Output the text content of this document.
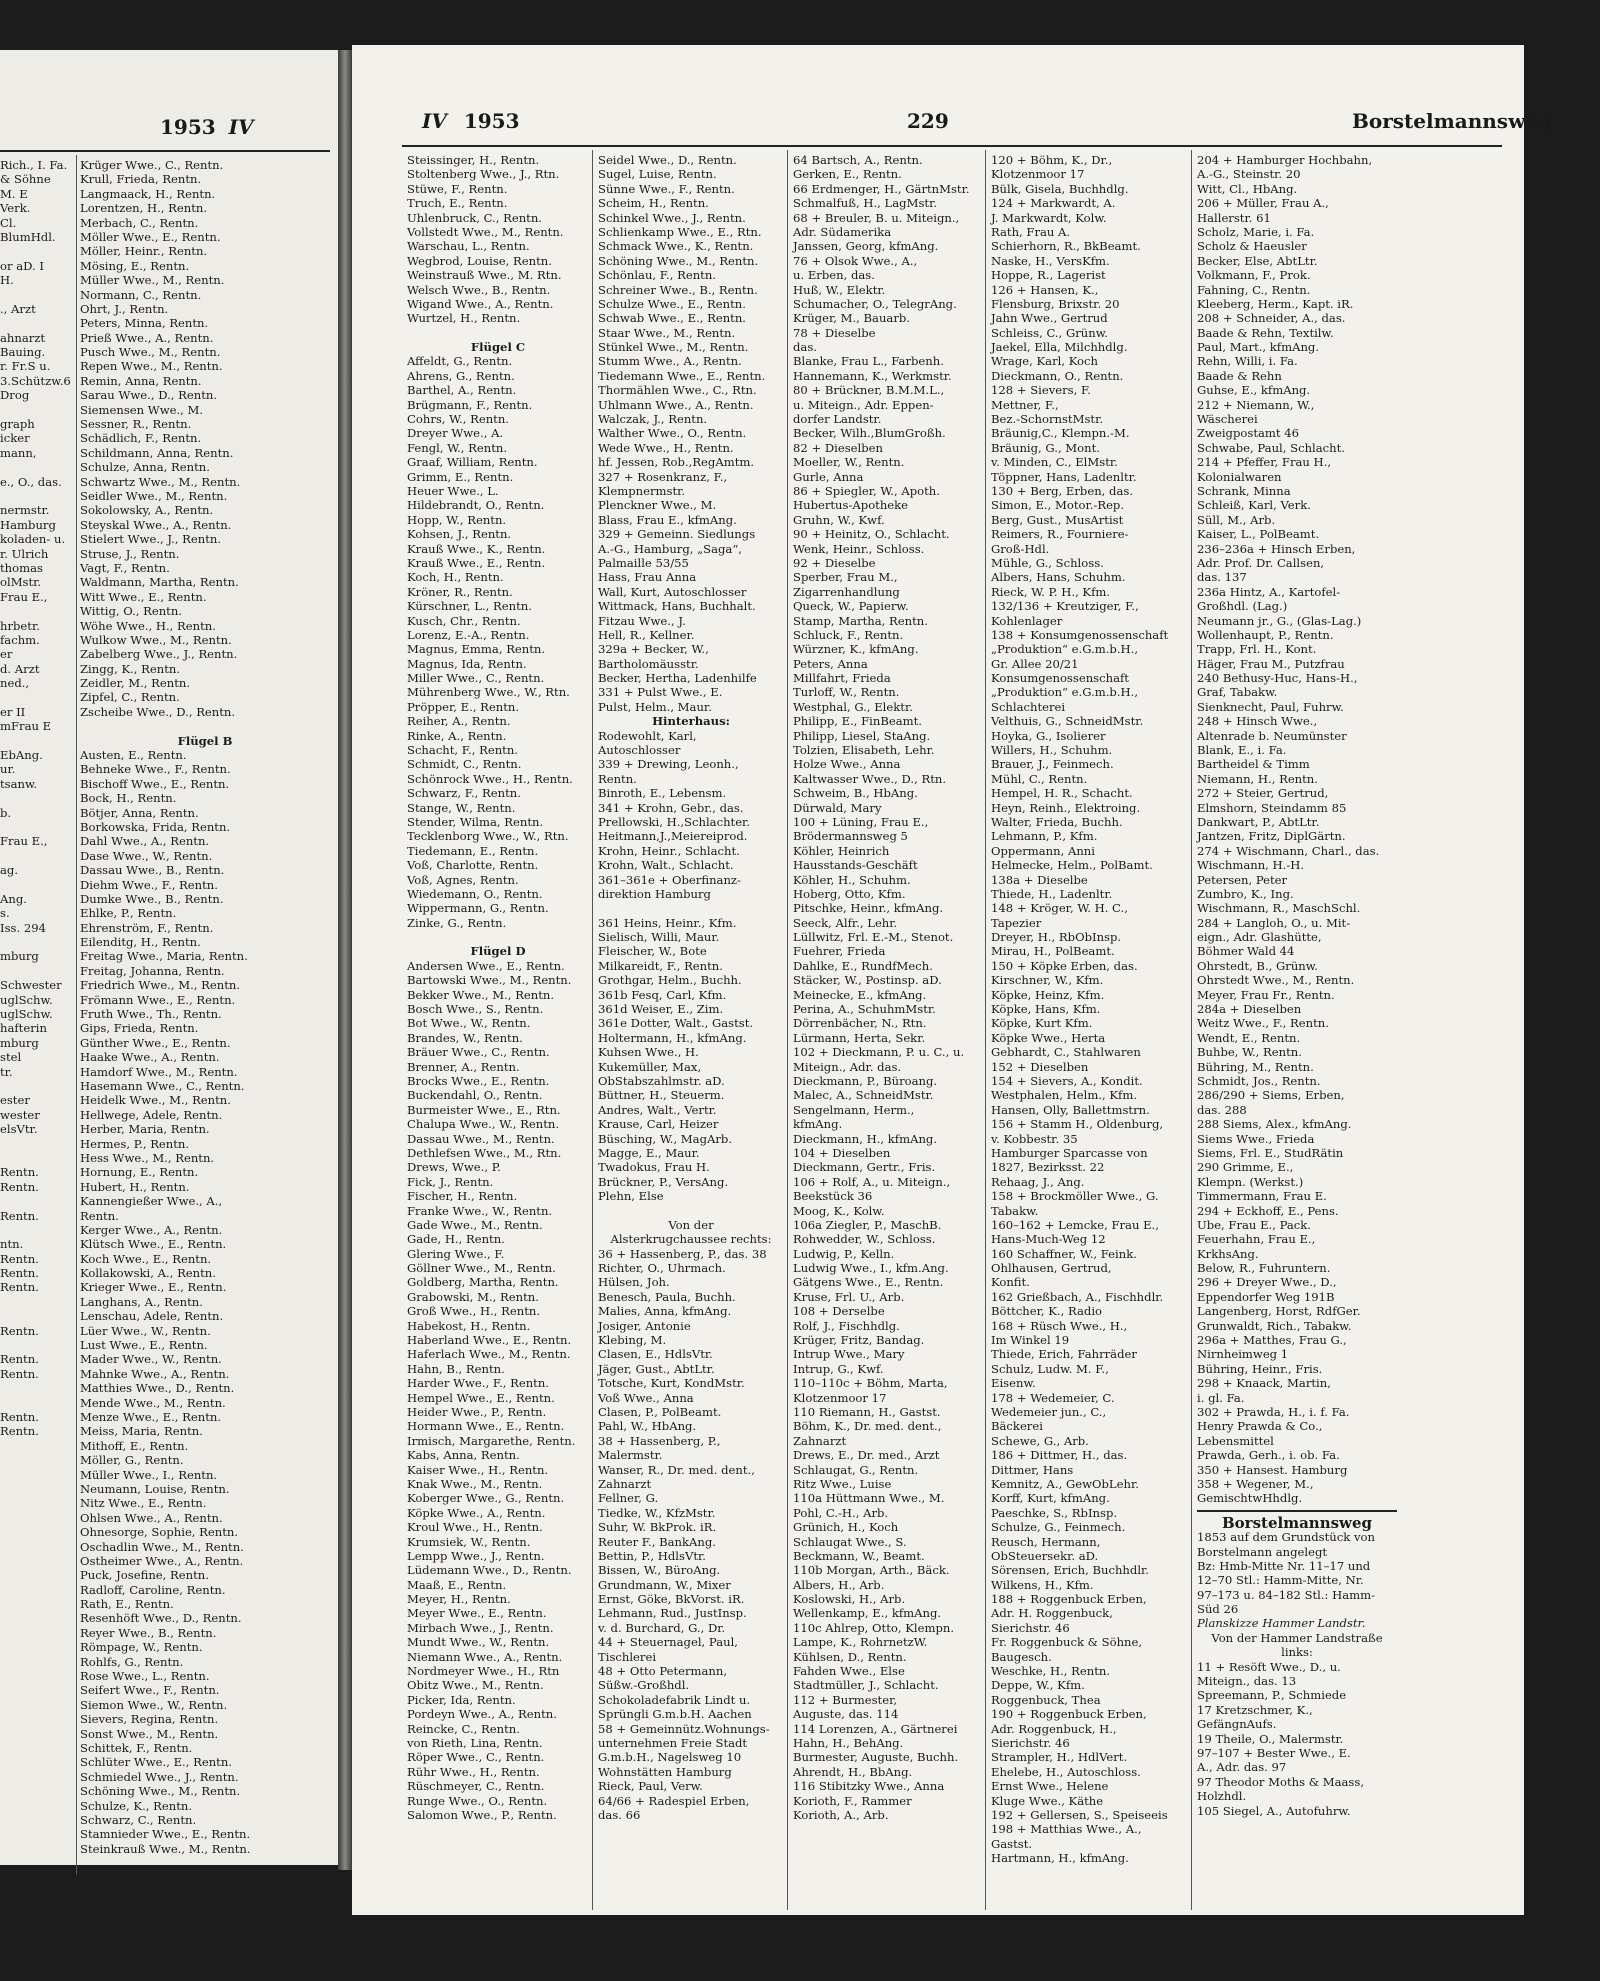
1953 IV
Rich., I. Fa.
& Söhne
M. E
Verk.
Cl.
BlumHdl.
or aD. I
H.
., Arzt
ahnarzt
Bauing.
r. Fr.S u.
3.Schützw.6
Drog
graph
icker
mann,
e., O., das.
nermstr.
Hamburg
koladen- u.
r. Ulrich
thomas
olMstr.
Frau E.,
hrbetr.
fachm.
er
d. Arzt
ned.,
er II
mFrau E
EbAng.
ur.
tsanw.
b.
Frau E.,
ag.
Ang.
s.
Iss. 294
mburg
Schwester
uglSchw.
uglSchw.
hafterin
mburg
stel
tr.
ester
wester
elsVtr.
Rentn.
Rentn.
Rentn.
ntn.
Rentn.
Rentn.
Rentn.
Rentn.
Rentn.
Rentn.
Rentn.
Rentn.
Krüger Wwe., C., Rentn.
Krull, Frieda, Rentn.
Langmaack, H., Rentn.
Lorentzen, H., Rentn.
Merbach, C., Rentn.
Möller Wwe., E., Rentn.
Möller, Heinr., Rentn.
Mösing, E., Rentn.
Müller Wwe., M., Rentn.
Normann, C., Rentn.
Ohrt, J., Rentn.
Peters, Minna, Rentn.
Prieß Wwe., A., Rentn.
Pusch Wwe., M., Rentn.
Repen Wwe., M., Rentn.
Remin, Anna, Rentn.
Sarau Wwe., D., Rentn.
Siemensen Wwe., M.
Sessner, R., Rentn.
Schädlich, F., Rentn.
Schildmann, Anna, Rentn.
Schulze, Anna, Rentn.
Schwartz Wwe., M., Rentn.
Seidler Wwe., M., Rentn.
Sokolowsky, A., Rentn.
Steyskal Wwe., A., Rentn.
Stielert Wwe., J., Rentn.
Struse, J., Rentn.
Vagt, F., Rentn.
Waldmann, Martha, Rentn.
Witt Wwe., E., Rentn.
Wittig, O., Rentn.
Wöhe Wwe., H., Rentn.
Wulkow Wwe., M., Rentn.
Zabelberg Wwe., J., Rentn.
Zingg, K., Rentn.
Zeidler, M., Rentn.
Zipfel, C., Rentn.
Zscheibe Wwe., D., Rentn.
Flügel B
Austen, E., Rentn.
Behneke Wwe., F., Rentn.
Bischoff Wwe., E., Rentn.
Bock, H., Rentn.
Bötjer, Anna, Rentn.
Borkowska, Frida, Rentn.
Dahl Wwe., A., Rentn.
Dase Wwe., W., Rentn.
Dassau Wwe., B., Rentn.
Diehm Wwe., F., Rentn.
Dumke Wwe., B., Rentn.
Ehlke, P., Rentn.
Ehrenström, F., Rentn.
Eilenditg, H., Rentn.
Freitag Wwe., Maria, Rentn.
Freitag, Johanna, Rentn.
Friedrich Wwe., M., Rentn.
Frömann Wwe., E., Rentn.
Fruth Wwe., Th., Rentn.
Gips, Frieda, Rentn.
Günther Wwe., E., Rentn.
Haake Wwe., A., Rentn.
Hamdorf Wwe., M., Rentn.
Hasemann Wwe., C., Rentn.
Heidelk Wwe., M., Rentn.
Hellwege, Adele, Rentn.
Herber, Maria, Rentn.
Hermes, P., Rentn.
Hess Wwe., M., Rentn.
Hornung, E., Rentn.
Hubert, H., Rentn.
Kannengießer Wwe., A.,
Rentn.
Kerger Wwe., A., Rentn.
Klütsch Wwe., E., Rentn.
Koch Wwe., E., Rentn.
Kollakowski, A., Rentn.
Krieger Wwe., E., Rentn.
Langhans, A., Rentn.
Lenschau, Adele, Rentn.
Lüer Wwe., W., Rentn.
Lust Wwe., E., Rentn.
Mader Wwe., W., Rentn.
Mahnke Wwe., A., Rentn.
Matthies Wwe., D., Rentn.
Mende Wwe., M., Rentn.
Menze Wwe., E., Rentn.
Meiss, Maria, Rentn.
Mithoff, E., Rentn.
Möller, G., Rentn.
Müller Wwe., I., Rentn.
Neumann, Louise, Rentn.
Nitz Wwe., E., Rentn.
Ohlsen Wwe., A., Rentn.
Ohnesorge, Sophie, Rentn.
Oschadlin Wwe., M., Rentn.
Ostheimer Wwe., A., Rentn.
Puck, Josefine, Rentn.
Radloff, Caroline, Rentn.
Rath, E., Rentn.
Resenhöft Wwe., D., Rentn.
Reyer Wwe., B., Rentn.
Römpage, W., Rentn.
Rohlfs, G., Rentn.
Rose Wwe., L., Rentn.
Seifert Wwe., F., Rentn.
Siemon Wwe., W., Rentn.
Sievers, Regina, Rentn.
Sonst Wwe., M., Rentn.
Schittek, F., Rentn.
Schlüter Wwe., E., Rentn.
Schmiedel Wwe., J., Rentn.
Schöning Wwe., M., Rentn.
Schulze, K., Rentn.
Schwarz, C., Rentn.
Stamnieder Wwe., E., Rentn.
Steinkrauß Wwe., M., Rentn.
IV 1953	229	Borstelmannsweg
Steissinger, H., Rentn.
Stoltenberg Wwe., J., Rtn.
Stüwe, F., Rentn.
Truch, E., Rentn.
Uhlenbruck, C., Rentn.
Vollstedt Wwe., M., Rentn.
Warschau, L., Rentn.
Wegbrod, Louise, Rentn.
Weinstrauß Wwe., M. Rtn.
Welsch Wwe., B., Rentn.
Wigand Wwe., A., Rentn.
Wurtzel, H., Rentn.
Flügel C
Affeldt, G., Rentn.
Ahrens, G., Rentn.
Barthel, A., Rentn.
Brügmann, F., Rentn.
Cohrs, W., Rentn.
Dreyer Wwe., A.
Fengl, W., Rentn.
Graaf, William, Rentn.
Grimm, E., Rentn.
Heuer Wwe., L.
Hildebrandt, O., Rentn.
Hopp, W., Rentn.
Kohsen, J., Rentn.
Krauß Wwe., K., Rentn.
Krauß Wwe., E., Rentn.
Koch, H., Rentn.
Kröner, R., Rentn.
Kürschner, L., Rentn.
Kusch, Chr., Rentn.
Lorenz, E.-A., Rentn.
Magnus, Emma, Rentn.
Magnus, Ida, Rentn.
Miller Wwe., C., Rentn.
Mührenberg Wwe., W., Rtn.
Pröpper, E., Rentn.
Reiher, A., Rentn.
Rinke, A., Rentn.
Schacht, F., Rentn.
Schmidt, C., Rentn.
Schönrock Wwe., H., Rentn.
Schwarz, F., Rentn.
Stange, W., Rentn.
Stender, Wilma, Rentn.
Tecklenborg Wwe., W., Rtn.
Tiedemann, E., Rentn.
Voß, Charlotte, Rentn.
Voß, Agnes, Rentn.
Wiedemann, O., Rentn.
Wippermann, G., Rentn.
Zinke, G., Rentn.
Flügel D
Andersen Wwe., E., Rentn.
Bartowski Wwe., M., Rentn.
Bekker Wwe., M., Rentn.
Bosch Wwe., S., Rentn.
Bot Wwe., W., Rentn.
Brandes, W., Rentn.
Bräuer Wwe., C., Rentn.
Brenner, A., Rentn.
Brocks Wwe., E., Rentn.
Buckendahl, O., Rentn.
Burmeister Wwe., E., Rtn.
Chalupa Wwe., W., Rentn.
Dassau Wwe., M., Rentn.
Dethlefsen Wwe., M., Rtn.
Drews, Wwe., P.
Fick, J., Rentn.
Fischer, H., Rentn.
Franke Wwe., W., Rentn.
Gade Wwe., M., Rentn.
Gade, H., Rentn.
Glering Wwe., F.
Göllner Wwe., M., Rentn.
Goldberg, Martha, Rentn.
Grabowski, M., Rentn.
Groß Wwe., H., Rentn.
Habekost, H., Rentn.
Haberland Wwe., E., Rentn.
Haferlach Wwe., M., Rentn.
Hahn, B., Rentn.
Harder Wwe., F., Rentn.
Hempel Wwe., E., Rentn.
Heider Wwe., P., Rentn.
Hormann Wwe., E., Rentn.
Irmisch, Margarethe, Rentn.
Kabs, Anna, Rentn.
Kaiser Wwe., H., Rentn.
Knak Wwe., M., Rentn.
Koberger Wwe., G., Rentn.
Köpke Wwe., A., Rentn.
Kroul Wwe., H., Rentn.
Krumsiek, W., Rentn.
Lempp Wwe., J., Rentn.
Lüdemann Wwe., D., Rentn.
Maaß, E., Rentn.
Meyer, H., Rentn.
Meyer Wwe., E., Rentn.
Mirbach Wwe., J., Rentn.
Mundt Wwe., W., Rentn.
Niemann Wwe., A., Rentn.
Nordmeyer Wwe., H., Rtn
Obitz Wwe., M., Rentn.
Picker, Ida, Rentn.
Pordeyn Wwe., A., Rentn.
Reincke, C., Rentn.
von Rieth, Lina, Rentn.
Röper Wwe., C., Rentn.
Rühr Wwe., H., Rentn.
Rüschmeyer, C., Rentn.
Runge Wwe., O., Rentn.
Salomon Wwe., P., Rentn.
Seidel Wwe., D., Rentn.
Sugel, Luise, Rentn.
Sünne Wwe., F., Rentn.
Scheim, H., Rentn.
Schinkel Wwe., J., Rentn.
Schlienkamp Wwe., E., Rtn.
Schmack Wwe., K., Rentn.
Schöning Wwe., M., Rentn.
Schönlau, F., Rentn.
Schreiner Wwe., B., Rentn.
Schulze Wwe., E., Rentn.
Schwab Wwe., E., Rentn.
Staar Wwe., M., Rentn.
Stünkel Wwe., M., Rentn.
Stumm Wwe., A., Rentn.
Tiedemann Wwe., E., Rentn.
Thormählen Wwe., C., Rtn.
Uhlmann Wwe., A., Rentn.
Walczak, J., Rentn.
Walther Wwe., O., Rentn.
Wede Wwe., H., Rentn.
hf. Jessen, Rob.,RegAmtm.
327 + Rosenkranz, F.,
Klempnermstr.
Plenckner Wwe., M.
Blass, Frau E., kfmAng.
329 + Gemeinn. Siedlungs
A.-G., Hamburg, „Saga“,
Palmaille 53/55
Hass, Frau Anna
Wall, Kurt, Autoschlosser
Wittmack, Hans, Buchhalt.
Fitzau Wwe., J.
Hell, R., Kellner.
329a + Becker, W.,
Bartholomäusstr.
Becker, Hertha, Ladenhilfe
331 + Pulst Wwe., E.
Pulst, Helm., Maur.
Hinterhaus:
Rodewohlt, Karl,
Autoschlosser
339 + Drewing, Leonh.,
Rentn.
Binroth, E., Lebensm.
341 + Krohn, Gebr., das.
Prellowski, H.,Schlachter.
Heitmann,J.,Meiereiprod.
Krohn, Heinr., Schlacht.
Krohn, Walt., Schlacht.
361–361e + Oberfinanz-
direktion Hamburg
361 Heins, Heinr., Kfm.
Sielisch, Willi, Maur.
Fleischer, W., Bote
Milkareidt, F., Rentn.
Grothgar, Helm., Buchh.
361b Fesq, Carl, Kfm.
361d Weiser, E., Zim.
361e Dotter, Walt., Gastst.
Holtermann, H., kfmAng.
Kuhsen Wwe., H.
Kukemüller, Max,
ObStabszahlmstr. aD.
Büttner, H., Steuerm.
Andres, Walt., Vertr.
Krause, Carl, Heizer
Büsching, W., MagArb.
Magge, E., Maur.
Twadokus, Frau H.
Brückner, P., VersAng.
Plehn, Else
Von der
Alsterkrugchaussee rechts:
36 + Hassenberg, P., das. 38
Richter, O., Uhrmach.
Hülsen, Joh.
Benesch, Paula, Buchh.
Malies, Anna, kfmAng.
Josiger, Antonie
Klebing, M.
Clasen, E., HdlsVtr.
Jäger, Gust., AbtLtr.
Totsche, Kurt, KondMstr.
Voß Wwe., Anna
Clasen, P., PolBeamt.
Pahl, W., HbAng.
38 + Hassenberg, P.,
Malermstr.
Wanser, R., Dr. med. dent.,
Zahnarzt
Fellner, G.
Tiedke, W., KfzMstr.
Suhr, W. BkProk. iR.
Reuter F., BankAng.
Bettin, P., HdlsVtr.
Bissen, W., BüroAng.
Grundmann, W., Mixer
Ernst, Göke, BkVorst. iR.
Lehmann, Rud., JustInsp.
v. d. Burchard, G., Dr.
44 + Steuernagel, Paul,
Tischlerei
48 + Otto Petermann,
Süßw.-Großhdl.
Schokoladefabrik Lindt u.
Sprüngli G.m.b.H. Aachen
58 + Gemeinnütz.Wohnungs-
unternehmen Freie Stadt
G.m.b.H., Nagelsweg 10
Wohnstätten Hamburg
Rieck, Paul, Verw.
64/66 + Radespiel Erben,
das. 66
64 Bartsch, A., Rentn.
Gerken, E., Rentn.
66 Erdmenger, H., GärtnMstr.
Schmalfuß, H., LagMstr.
68 + Breuler, B. u. Miteign.,
Adr. Südamerika
Janssen, Georg, kfmAng.
76 + Olsok Wwe., A.,
u. Erben, das.
Huß, W., Elektr.
Schumacher, O., TelegrAng.
Krüger, M., Bauarb.
78 + Dieselbe
das.
Blanke, Frau L., Farbenh.
Hannemann, K., Werkmstr.
80 + Brückner, B.M.M.L.,
u. Miteign., Adr. Eppen-
dorfer Landstr.
Becker, Wilh.,BlumGroßh.
82 + Dieselben
Moeller, W., Rentn.
Gurle, Anna
86 + Spiegler, W., Apoth.
Hubertus-Apotheke
Gruhn, W., Kwf.
90 + Heinitz, O., Schlacht.
Wenk, Heinr., Schloss.
92 + Dieselbe
Sperber, Frau M.,
Zigarrenhandlung
Queck, W., Papierw.
Stamp, Martha, Rentn.
Schluck, F., Rentn.
Würzner, K., kfmAng.
Peters, Anna
Millfahrt, Frieda
Turloff, W., Rentn.
Westphal, G., Elektr.
Philipp, E., FinBeamt.
Philipp, Liesel, StaAng.
Tolzien, Elisabeth, Lehr.
Holze Wwe., Anna
Kaltwasser Wwe., D., Rtn.
Schweim, B., HbAng.
Dürwald, Mary
100 + Lüning, Frau E.,
Brödermannsweg 5
Köhler, Heinrich
Hausstands-Geschäft
Köhler, H., Schuhm.
Hoberg, Otto, Kfm.
Pitschke, Heinr., kfmAng.
Seeck, Alfr., Lehr.
Lüllwitz, Frl. E.-M., Stenot.
Fuehrer, Frieda
Dahlke, E., RundfMech.
Stäcker, W., Postinsp. aD.
Meinecke, E., kfmAng.
Perina, A., SchuhmMstr.
Dörrenbächer, N., Rtn.
Lürmann, Herta, Sekr.
102 + Dieckmann, P. u. C., u.
Miteign., Adr. das.
Dieckmann, P., Büroang.
Malec, A., SchneidMstr.
Sengelmann, Herm.,
kfmAng.
Dieckmann, H., kfmAng.
104 + Dieselben
Dieckmann, Gertr., Fris.
106 + Rolf, A., u. Miteign.,
Beekstück 36
Moog, K., Kolw.
106a Ziegler, P., MaschB.
Rohwedder, W., Schloss.
Ludwig, P., Kelln.
Ludwig Wwe., I., kfm.Ang.
Gätgens Wwe., E., Rentn.
Kruse, Frl. U., Arb.
108 + Derselbe
Rolf, J., Fischhdlg.
Krüger, Fritz, Bandag.
Intrup Wwe., Mary
Intrup, G., Kwf.
110–110c + Böhm, Marta,
Klotzenmoor 17
110 Riemann, H., Gastst.
Böhm, K., Dr. med. dent.,
Zahnarzt
Drews, E., Dr. med., Arzt
Schlaugat, G., Rentn.
Ritz Wwe., Luise
110a Hüttmann Wwe., M.
Pohl, C.-H., Arb.
Grünich, H., Koch
Schlaugat Wwe., S.
Beckmann, W., Beamt.
110b Morgan, Arth., Bäck.
Albers, H., Arb.
Koslowski, H., Arb.
Wellenkamp, E., kfmAng.
110c Ahlrep, Otto, Klempn.
Lampe, K., RohrnetzW.
Kühlsen, D., Rentn.
Fahden Wwe., Else
Stadtmüller, J., Schlacht.
112 + Burmester,
Auguste, das. 114
114 Lorenzen, A., Gärtnerei
Hahn, H., BehAng.
Burmester, Auguste, Buchh.
Ahrendt, H., BbAng.
116 Stibitzky Wwe., Anna
Korioth, F., Rammer
Korioth, A., Arb.
120 + Böhm, K., Dr.,
Klotzenmoor 17
Bülk, Gisela, Buchhdlg.
124 + Markwardt, A.
J. Markwardt, Kolw.
Rath, Frau A.
Schierhorn, R., BkBeamt.
Naske, H., VersKfm.
Hoppe, R., Lagerist
126 + Hansen, K.,
Flensburg, Brixstr. 20
Jahn Wwe., Gertrud
Schleiss, C., Grünw.
Jaekel, Ella, Milchhdlg.
Wrage, Karl, Koch
Dieckmann, O., Rentn.
128 + Sievers, F.
Mettner, F.,
Bez.-SchornstMstr.
Bräunig,C., Klempn.-M.
Bräunig, G., Mont.
v. Minden, C., ElMstr.
Töppner, Hans, Ladenltr.
130 + Berg, Erben, das.
Simon, E., Motor.-Rep.
Berg, Gust., MusArtist
Reimers, R., Fourniere-
Groß-Hdl.
Mühle, G., Schloss.
Albers, Hans, Schuhm.
Rieck, W. P. H., Kfm.
132/136 + Kreutziger, F.,
Kohlenlager
138 + Konsumgenossenschaft
„Produktion“ e.G.m.b.H.,
Gr. Allee 20/21
Konsumgenossenschaft
„Produktion“ e.G.m.b.H.,
Schlachterei
Velthuis, G., SchneidMstr.
Hoyka, G., Isolierer
Willers, H., Schuhm.
Brauer, J., Feinmech.
Mühl, C., Rentn.
Hempel, H. R., Schacht.
Heyn, Reinh., Elektroing.
Walter, Frieda, Buchh.
Lehmann, P., Kfm.
Oppermann, Anni
Helmecke, Helm., PolBamt.
138a + Dieselbe
Thiede, H., Ladenltr.
148 + Kröger, W. H. C.,
Tapezier
Dreyer, H., RbObInsp.
Mirau, H., PolBeamt.
150 + Köpke Erben, das.
Kirschner, W., Kfm.
Köpke, Heinz, Kfm.
Köpke, Hans, Kfm.
Köpke, Kurt Kfm.
Köpke Wwe., Herta
Gebhardt, C., Stahlwaren
152 + Dieselben
154 + Sievers, A., Kondit.
Westphalen, Helm., Kfm.
Hansen, Olly, Ballettmstrn.
156 + Stamm H., Oldenburg,
v. Kobbestr. 35
Hamburger Sparcasse von
1827, Bezirksst. 22
Rehaag, J., Ang.
158 + Brockmöller Wwe., G.
Tabakw.
160–162 + Lemcke, Frau E.,
Hans-Much-Weg 12
160 Schaffner, W., Feink.
Ohlhausen, Gertrud,
Konfit.
162 Grießbach, A., Fischhdlr.
Böttcher, K., Radio
168 + Rüsch Wwe., H.,
Im Winkel 19
Thiede, Erich, Fahrräder
Schulz, Ludw. M. F.,
Eisenw.
178 + Wedemeier, C.
Wedemeier jun., C.,
Bäckerei
Schewe, G., Arb.
186 + Dittmer, H., das.
Dittmer, Hans
Kemnitz, A., GewObLehr.
Korff, Kurt, kfmAng.
Paeschke, S., RbInsp.
Schulze, G., Feinmech.
Reusch, Hermann,
ObSteuersekr. aD.
Sörensen, Erich, Buchhdlr.
Wilkens, H., Kfm.
188 + Roggenbuck Erben,
Adr. H. Roggenbuck,
Sierichstr. 46
Fr. Roggenbuck & Söhne,
Baugesch.
Weschke, H., Rentn.
Deppe, W., Kfm.
Roggenbuck, Thea
190 + Roggenbuck Erben,
Adr. Roggenbuck, H.,
Sierichstr. 46
Strampler, H., HdlVert.
Ehelebe, H., Autoschloss.
Ernst Wwe., Helene
Kluge Wwe., Käthe
192 + Gellersen, S., Speiseeis
198 + Matthias Wwe., A.,
Gastst.
Hartmann, H., kfmAng.
204 + Hamburger Hochbahn,
A.-G., Steinstr. 20
Witt, Cl., HbAng.
206 + Müller, Frau A.,
Hallerstr. 61
Scholz, Marie, i. Fa.
Scholz & Haeusler
Becker, Else, AbtLtr.
Volkmann, F., Prok.
Fahning, C., Rentn.
Kleeberg, Herm., Kapt. iR.
208 + Schneider, A., das.
Baade & Rehn, Textilw.
Paul, Mart., kfmAng.
Rehn, Willi, i. Fa.
Baade & Rehn
Guhse, E., kfmAng.
212 + Niemann, W.,
Wäscherei
Zweigpostamt 46
Schwabe, Paul, Schlacht.
214 + Pfeffer, Frau H.,
Kolonialwaren
Schrank, Minna
Schleiß, Karl, Verk.
Süll, M., Arb.
Kaiser, L., PolBeamt.
236–236a + Hinsch Erben,
Adr. Prof. Dr. Callsen,
das. 137
236a Hintz, A., Kartofel-
Großhdl. (Lag.)
Neumann jr., G., (Glas-Lag.)
Wollenhaupt, P., Rentn.
Trapp, Frl. H., Kont.
Häger, Frau M., Putzfrau
240 Bethusy-Huc, Hans-H.,
Graf, Tabakw.
Sienknecht, Paul, Fuhrw.
248 + Hinsch Wwe.,
Altenrade b. Neumünster
Blank, E., i. Fa.
Bartheidel & Timm
Niemann, H., Rentn.
272 + Steier, Gertrud,
Elmshorn, Steindamm 85
Dankwart, P., AbtLtr.
Jantzen, Fritz, DiplGärtn.
274 + Wischmann, Charl., das.
Wischmann, H.-H.
Petersen, Peter
Zumbro, K., Ing.
Wischmann, R., MaschSchl.
284 + Langloh, O., u. Mit-
eign., Adr. Glashütte,
Böhmer Wald 44
Ohrstedt, B., Grünw.
Ohrstedt Wwe., M., Rentn.
Meyer, Frau Fr., Rentn.
284a + Dieselben
Weitz Wwe., F., Rentn.
Wendt, E., Rentn.
Buhbe, W., Rentn.
Bühring, M., Rentn.
Schmidt, Jos., Rentn.
286/290 + Siems, Erben,
das. 288
288 Siems, Alex., kfmAng.
Siems Wwe., Frieda
Siems, Frl. E., StudRätin
290 Grimme, E.,
Klempn. (Werkst.)
Timmermann, Frau E.
294 + Eckhoff, E., Pens.
Ube, Frau E., Pack.
Feuerhahn, Frau E.,
KrkhsAng.
Below, R., Fuhruntern.
296 + Dreyer Wwe., D.,
Eppendorfer Weg 191B
Langenberg, Horst, RdfGer.
Grunwaldt, Rich., Tabakw.
296a + Matthes, Frau G.,
Nirnheimweg 1
Bühring, Heinr., Fris.
298 + Knaack, Martin,
i. gl. Fa.
302 + Prawda, H., i. f. Fa.
Henry Prawda & Co.,
Lebensmittel
Prawda, Gerh., i. ob. Fa.
350 + Hansest. Hamburg
358 + Wegener, M.,
GemischtwHhdlg.
Borstelmannsweg
1853 auf dem Grundstück von
Borstelmann angelegt
Bz: Hmb-Mitte Nr. 11–17 und
12–70 Stl.: Hamm-Mitte, Nr.
97–173 u. 84–182 Stl.: Hamm-
Süd 26
Planskizze Hammer Landstr.
Von der Hammer Landstraße
links:
11 + Resöft Wwe., D., u.
Miteign., das. 13
Spreemann, P., Schmiede
17 Kretzschmer, K.,
GefängnAufs.
19 Theile, O., Malermstr.
97–107 + Bester Wwe., E.
A., Adr. das. 97
97 Theodor Moths & Maass,
Holzhdl.
105 Siegel, A., Autofuhrw.
